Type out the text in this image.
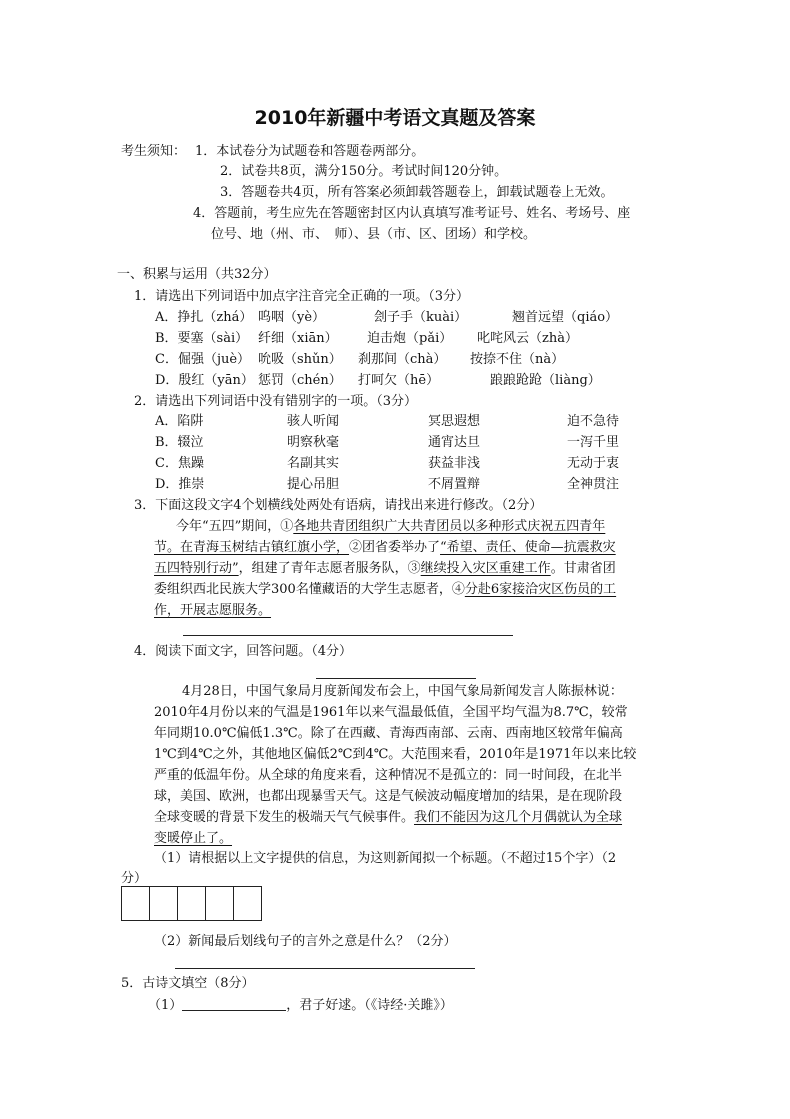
2010年新疆中考语文真题及答案
考生须知： 1．本试卷分为试题卷和答题卷两部分。
2．试卷共8页，满分150分。考试时间120分钟。
3．答题卷共4页，所有答案必须卸载答题卷上，卸载试题卷上无效。
4．答题前，考生应先在答题密封区内认真填写准考证号、姓名、考场号、座
位号、地（州、市、　师）、县（市、区、团场）和学校。
一、积累与运用（共32分）
1．请选出下列词语中加点字注音完全正确的一项。（3分）
A．挣扎（zhá） 呜咽（yè）	刽子手（kuài）	翘首远望（qiáo）
B．要塞（sài） 纤细（xiān） 迫击炮（pǎi） 叱咤风云（zhà）
C．倔强（juè） 吮吸（shǔn） 刹那间（chà） 按捺不住（nà）
D．殷红（yān） 惩罚（chén） 打呵欠（hē）	踉踉跄跄（liàng）
2．请选出下列词语中没有错别字的一项。（3分）
A．陷阱	骇人听闻	冥思遐想	迫不急待
B．辍泣	明察秋毫	通宵达旦	一泻千里
C．焦躁	名副其实	获益非浅	无动于衷
D．推崇	提心吊胆	不屑置辩	全神贯注
3．下面这段文字4个划横线处两处有语病，请找出来进行修改。（2分）
今年“五四”期间，①各地共青团组织广大共青团员以多种形式庆祝五四青年
节。在青海玉树结古镇红旗小学，②团省委举办了“希望、责任、使命—抗震救灾
五四特别行动”，组建了青年志愿者服务队，③继续投入灾区重建工作。甘肃省团
委组织西北民族大学300名懂藏语的大学生志愿者，④分赴6家接洽灾区伤员的工
作，开展志愿服务。
4．阅读下面文字，回答问题。（4分）
4月28日，中国气象局月度新闻发布会上，中国气象局新闻发言人陈振林说：
2010年4月份以来的气温是1961年以来气温最低值，全国平均气温为8.7℃，较常
年同期10.0℃偏低1.3℃。除了在西藏、青海西南部、云南、西南地区较常年偏高
1℃到4℃之外，其他地区偏低2℃到4℃。大范围来看，2010年是1971年以来比较
严重的低温年份。从全球的角度来看，这种情况不是孤立的：同一时间段，在北半
球，美国、欧洲，也都出现暴雪天气。这是气候波动幅度增加的结果，是在现阶段
全球变暖的背景下发生的极端天气气候事件。我们不能因为这几个月偶就认为全球
变暖停止了。
（1）请根据以上文字提供的信息，为这则新闻拟一个标题。（不超过15个字）（2
分）
（2）新闻最后划线句子的言外之意是什么？（2分）
5．古诗文填空（8分）
（1）	，君子好逑。（《诗经·关雎》）
